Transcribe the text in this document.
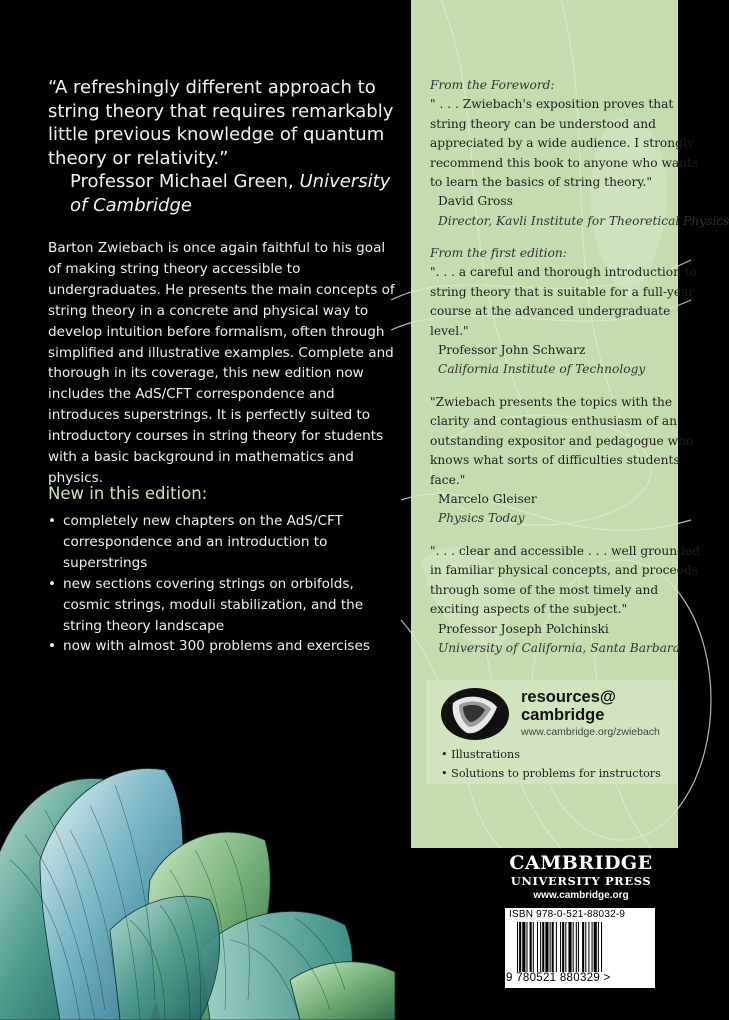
“A refreshingly different approach to string theory that requires remarkably little previous knowledge of quantum theory or relativity.”
Professor Michael Green, University of Cambridge
Barton Zwiebach is once again faithful to his goal of making string theory accessible to undergraduates. He presents the main concepts of string theory in a concrete and physical way to develop intuition before formalism, often through simplified and illustrative examples. Complete and thorough in its coverage, this new edition now includes the AdS/CFT correspondence and introduces superstrings. It is perfectly suited to introductory courses in string theory for students with a basic background in mathematics and physics.
New in this edition:
• completely new chapters on the AdS/CFT correspondence and an introduction to superstrings
• new sections covering strings on orbifolds, cosmic strings, moduli stabilization, and the string theory landscape
• now with almost 300 problems and exercises
From the Foreword:
" . . . Zwiebach's exposition proves that
string theory can be understood and
appreciated by a wide audience. I strongly
recommend this book to anyone who wants
to learn the basics of string theory."
David Gross
Director, Kavli Institute for Theoretical Physics
From the first edition:
". . . a careful and thorough introduction to
string theory that is suitable for a full-year
course at the advanced undergraduate
level."
Professor John Schwarz
California Institute of Technology
"Zwiebach presents the topics with the
clarity and contagious enthusiasm of an
outstanding expositor and pedagogue who
knows what sorts of difficulties students
face."
Marcelo Gleiser
Physics Today
". . . clear and accessible . . . well grounded
in familiar physical concepts, and proceeds
through some of the most timely and
exciting aspects of the subject."
Professor Joseph Polchinski
University of California, Santa Barbara
resources@
cambridge
www.cambridge.org/zwiebach
• Illustrations
• Solutions to problems for instructors
CAMBRIDGE
UNIVERSITY PRESS
www.cambridge.org
ISBN 978-0-521-88032-9
9 780521 880329 >
